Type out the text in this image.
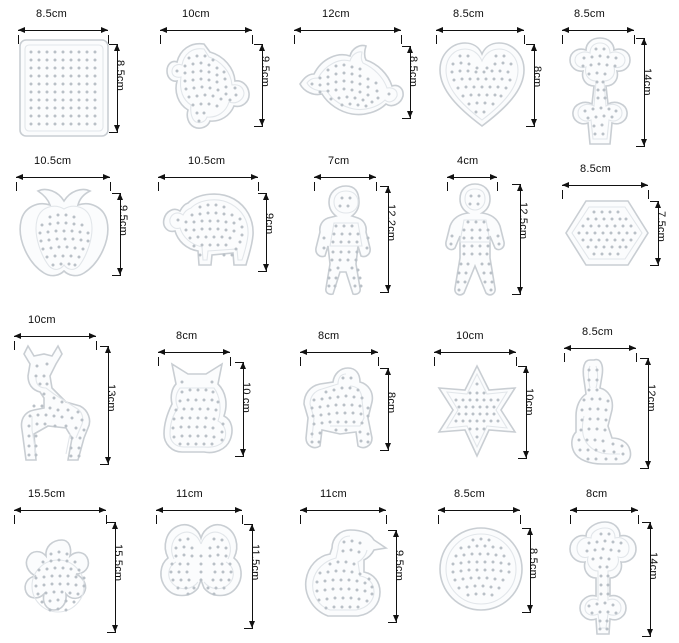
8.5cm
8.5cm
10cm
9.5cm
12cm
8.5cm
8.5cm
8cm
8.5cm
14cm
10.5cm
9.5cm
10.5cm
9cm
7cm
12.2cm
4cm
12.5cm
8.5cm
7.5cm
10cm
13cm
8cm
10 cm
8cm
8cm
10cm
10cm
8.5cm
12cm
15.5cm
15.5cm
11cm
11.5cm
11cm
9.5cm
8.5cm
8.5cm
8cm
14cm
